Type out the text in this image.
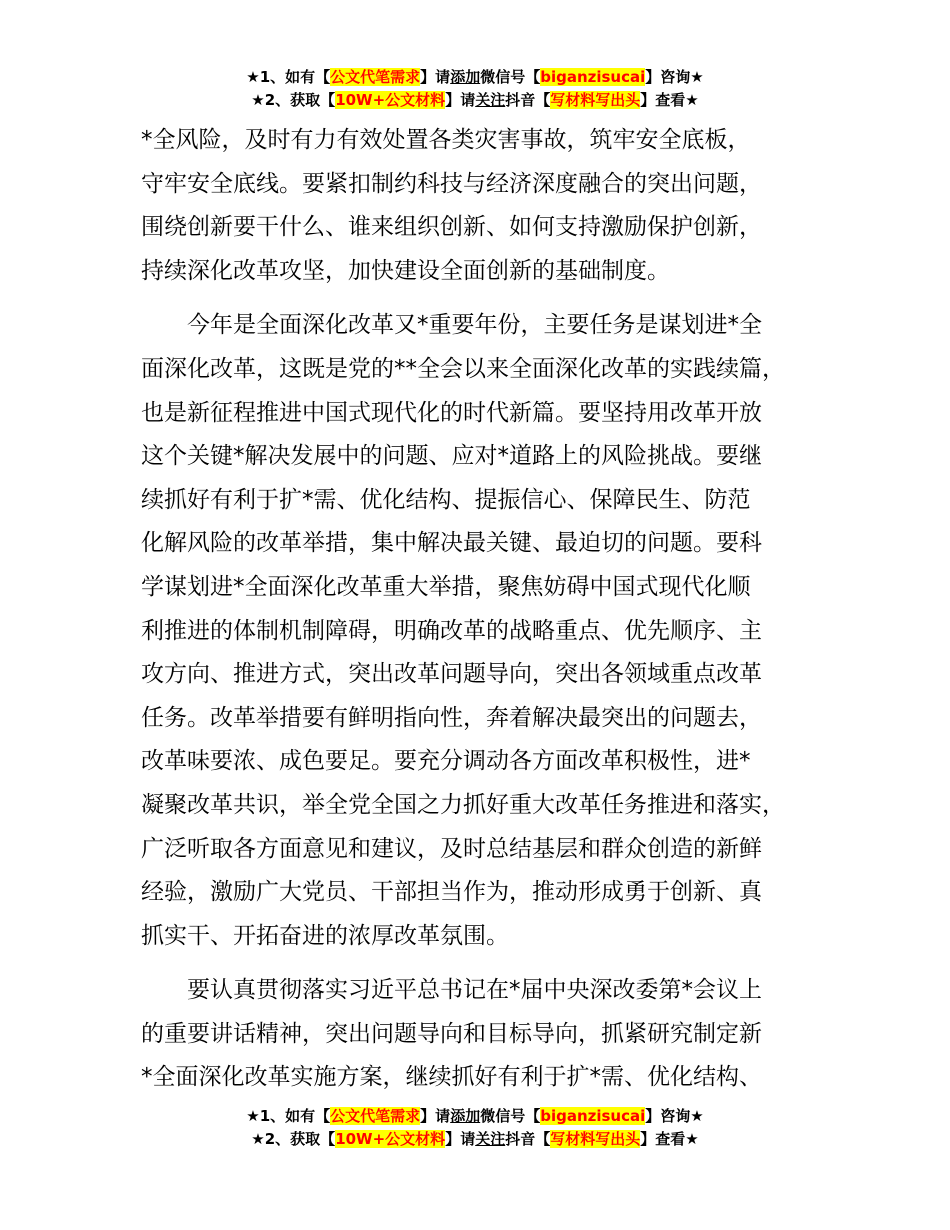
★1、如有【公文代笔需求】请添加微信号【biganzisucai】咨询★
★2、获取【10W+公文材料】请关注抖音【写材料写出头】查看★

*全风险，及时有力有效处置各类灾害事故，筑牢安全底板，
守牢安全底线。要紧扣制约科技与经济深度融合的突出问题，
围绕创新要干什么、谁来组织创新、如何支持激励保护创新，
持续深化改革攻坚，加快建设全面创新的基础制度。

　　今年是全面深化改革又*重要年份，主要任务是谋划进*全
面深化改革，这既是党的**全会以来全面深化改革的实践续篇，
也是新征程推进中国式现代化的时代新篇。要坚持用改革开放
这个关键*解决发展中的问题、应对*道路上的风险挑战。要继
续抓好有利于扩*需、优化结构、提振信心、保障民生、防范
化解风险的改革举措，集中解决最关键、最迫切的问题。要科
学谋划进*全面深化改革重大举措，聚焦妨碍中国式现代化顺
利推进的体制机制障碍，明确改革的战略重点、优先顺序、主
攻方向、推进方式，突出改革问题导向，突出各领域重点改革
任务。改革举措要有鲜明指向性，奔着解决最突出的问题去，
改革味要浓、成色要足。要充分调动各方面改革积极性，进*
凝聚改革共识，举全党全国之力抓好重大改革任务推进和落实，
广泛听取各方面意见和建议，及时总结基层和群众创造的新鲜
经验，激励广大党员、干部担当作为，推动形成勇于创新、真
抓实干、开拓奋进的浓厚改革氛围。

　　要认真贯彻落实习近平总书记在*届中央深改委第*会议上
的重要讲话精神，突出问题导向和目标导向，抓紧研究制定新
*全面深化改革实施方案，继续抓好有利于扩*需、优化结构、

★1、如有【公文代笔需求】请添加微信号【biganzisucai】咨询★
★2、获取【10W+公文材料】请关注抖音【写材料写出头】查看★
